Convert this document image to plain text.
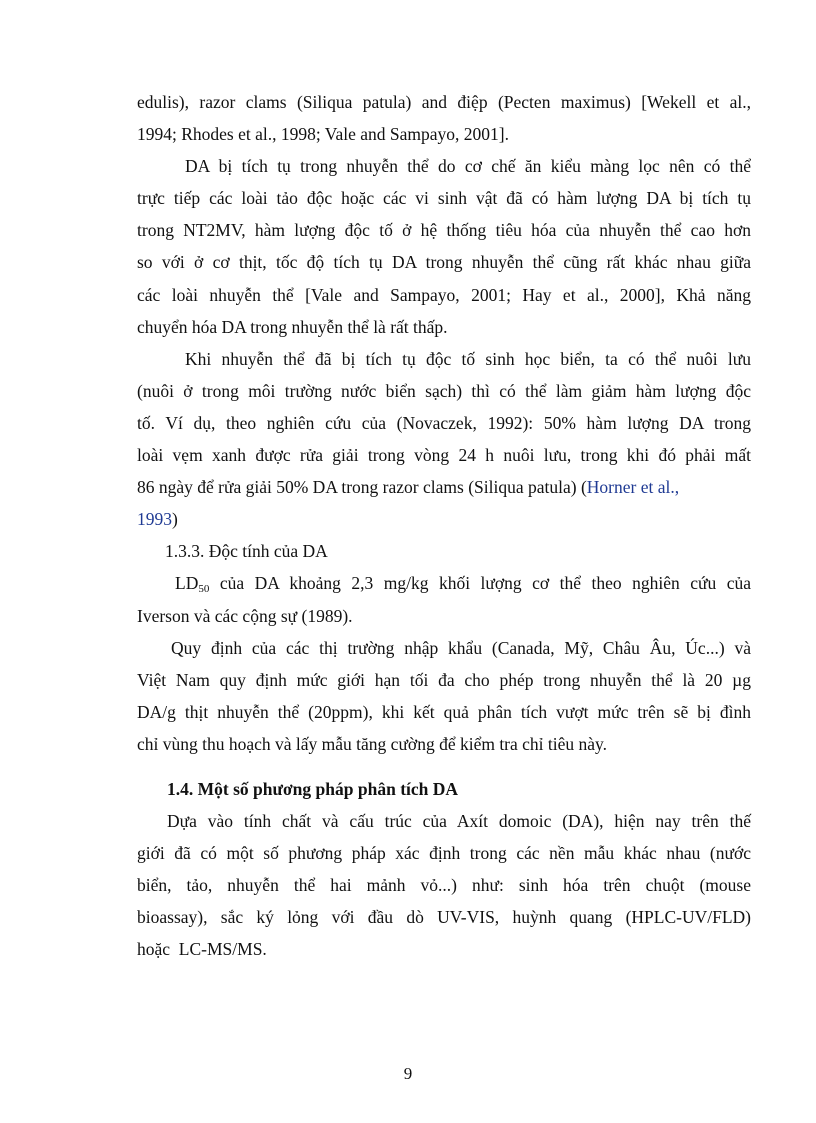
edulis), razor clams (Siliqua patula) and điệp (Pecten maximus) [Wekell et al.,
1994; Rhodes et al., 1998; Vale and Sampayo, 2001].
DA bị tích tụ trong nhuyễn thể do cơ chế ăn kiểu màng lọc nên có thể
trực tiếp các loài tảo độc hoặc các vi sinh vật đã có hàm lượng DA bị tích tụ
trong NT2MV, hàm lượng độc tố ở hệ thống tiêu hóa của nhuyễn thể cao hơn
so với ở cơ thịt, tốc độ tích tụ DA trong nhuyễn thể cũng rất khác nhau giữa
các loài nhuyễn thể [Vale and Sampayo, 2001; Hay et al., 2000], Khả năng
chuyển hóa DA trong nhuyễn thể là rất thấp.
Khi nhuyễn thể đã bị tích tụ độc tố sinh học biển, ta có thể nuôi lưu
(nuôi ở trong môi trường nước biển sạch) thì có thể làm giảm hàm lượng độc
tố. Ví dụ, theo nghiên cứu của (Novaczek, 1992): 50% hàm lượng DA trong
loài vẹm xanh được rửa giải trong vòng 24 h nuôi lưu, trong khi đó phải mất
86 ngày để rửa giải 50% DA trong razor clams (Siliqua patula) (Horner et al.,
1993)
1.3.3. Độc tính của DA
$LD_{50}$ của DA khoảng 2,3 mg/kg khối lượng cơ thể theo nghiên cứu của
Iverson và các cộng sự (1989).
Quy định của các thị trường nhập khẩu (Canada, Mỹ, Châu Âu, Úc...) và
Việt Nam quy định mức giới hạn tối đa cho phép trong nhuyễn thể là 20 µg
DA/g thịt nhuyễn thể (20ppm), khi kết quả phân tích vượt mức trên sẽ bị đình
chỉ vùng thu hoạch và lấy mẫu tăng cường để kiểm tra chỉ tiêu này.
1.4. Một số phương pháp phân tích DA
Dựa vào tính chất và cấu trúc của Axít domoic (DA), hiện nay trên thế
giới đã có một số phương pháp xác định trong các nền mẫu khác nhau (nước
biển, tảo, nhuyễn thể hai mảnh vỏ...) như: sinh hóa trên chuột (mouse
bioassay), sắc ký lỏng với đầu dò UV-VIS, huỳnh quang (HPLC-UV/FLD)
hoặc  LC-MS/MS.
9
